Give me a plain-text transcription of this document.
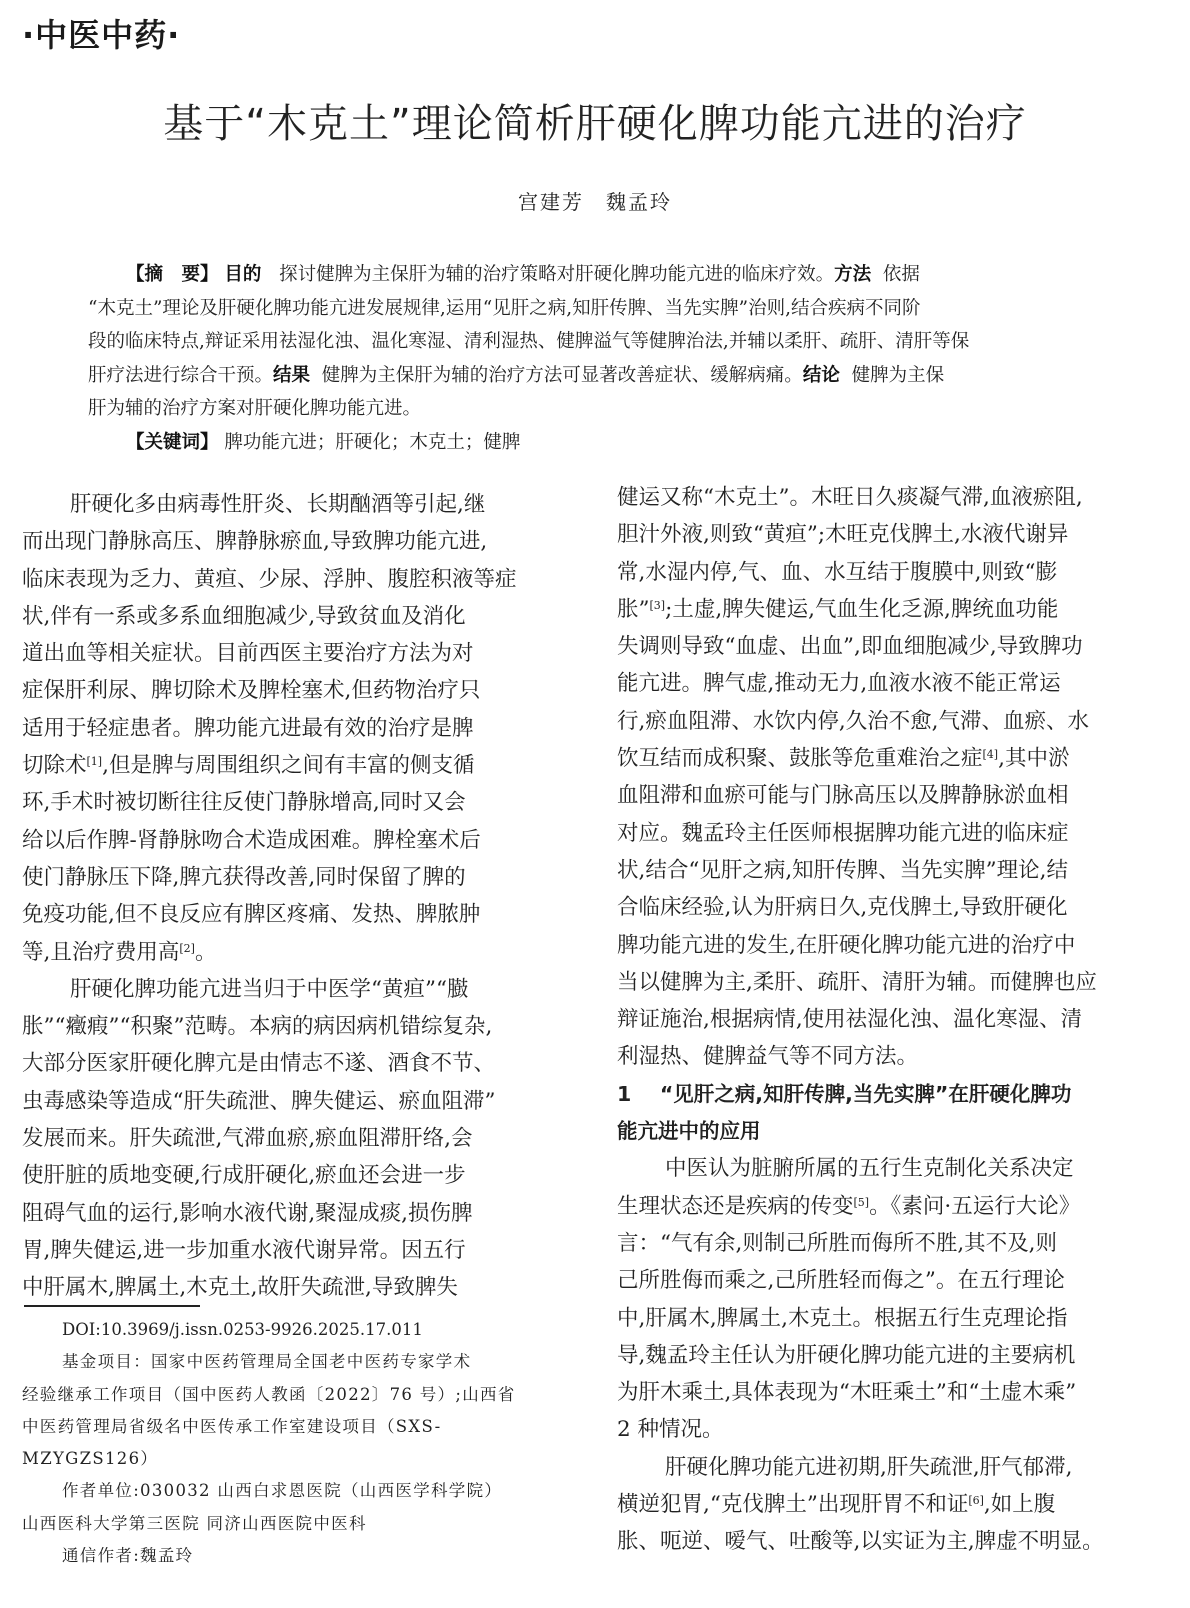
·中医中药·
基于“木克土”理论简析肝硬化脾功能亢进的治疗
宫建芳　魏孟玲
【摘　要】 目的 探讨健脾为主保肝为辅的治疗策略对肝硬化脾功能亢进的临床疗效。方法 依据
“木克土”理论及肝硬化脾功能亢进发展规律,运用“见肝之病,知肝传脾、当先实脾”治则,结合疾病不同阶
段的临床特点,辩证采用祛湿化浊、温化寒湿、清利湿热、健脾溢气等健脾治法,并辅以柔肝、疏肝、清肝等保
肝疗法进行综合干预。结果 健脾为主保肝为辅的治疗方法可显著改善症状、缓解病痛。结论 健脾为主保
肝为辅的治疗方案对肝硬化脾功能亢进。
【关键词】 脾功能亢进；肝硬化；木克土；健脾
肝硬化多由病毒性肝炎、长期酗酒等引起,继
而出现门静脉高压、脾静脉瘀血,导致脾功能亢进,
临床表现为乏力、黄疸、少尿、浮肿、腹腔积液等症
状,伴有一系或多系血细胞减少,导致贫血及消化
道出血等相关症状。目前西医主要治疗方法为对
症保肝利尿、脾切除术及脾栓塞术,但药物治疗只
适用于轻症患者。脾功能亢进最有效的治疗是脾
切除术[1],但是脾与周围组织之间有丰富的侧支循
环,手术时被切断往往反使门静脉增高,同时又会
给以后作脾-肾静脉吻合术造成困难。脾栓塞术后
使门静脉压下降,脾亢获得改善,同时保留了脾的
免疫功能,但不良反应有脾区疼痛、发热、脾脓肿
等,且治疗费用高[2]。
肝硬化脾功能亢进当归于中医学“黄疸”“臌
胀”“癥瘕”“积聚”范畴。本病的病因病机错综复杂,
大部分医家肝硬化脾亢是由情志不遂、酒食不节、
虫毒感染等造成“肝失疏泄、脾失健运、瘀血阻滞”
发展而来。肝失疏泄,气滞血瘀,瘀血阻滞肝络,会
使肝脏的质地变硬,行成肝硬化,瘀血还会进一步
阻碍气血的运行,影响水液代谢,聚湿成痰,损伤脾
胃,脾失健运,进一步加重水液代谢异常。因五行
中肝属木,脾属土,木克土,故肝失疏泄,导致脾失
DOI:10.3969/j.issn.0253-9926.2025.17.011
基金项目：国家中医药管理局全国老中医药专家学术
经验继承工作项目（国中医药人教函〔2022〕76 号）;山西省
中医药管理局省级名中医传承工作室建设项目（SXS-
MZYGZS126）
作者单位:030032 山西白求恩医院（山西医学科学院）
山西医科大学第三医院 同济山西医院中医科
通信作者:魏孟玲
健运又称“木克土”。木旺日久痰凝气滞,血液瘀阻,
胆汁外液,则致“黄疸”;木旺克伐脾土,水液代谢异
常,水湿内停,气、血、水互结于腹膜中,则致“膨
胀”[3];土虚,脾失健运,气血生化乏源,脾统血功能
失调则导致“血虚、出血”,即血细胞减少,导致脾功
能亢进。脾气虚,推动无力,血液水液不能正常运
行,瘀血阻滞、水饮内停,久治不愈,气滞、血瘀、水
饮互结而成积聚、鼓胀等危重难治之症[4],其中淤
血阻滞和血瘀可能与门脉高压以及脾静脉淤血相
对应。魏孟玲主任医师根据脾功能亢进的临床症
状,结合“见肝之病,知肝传脾、当先实脾”理论,结
合临床经验,认为肝病日久,克伐脾土,导致肝硬化
脾功能亢进的发生,在肝硬化脾功能亢进的治疗中
当以健脾为主,柔肝、疏肝、清肝为辅。而健脾也应
辩证施治,根据病情,使用祛湿化浊、温化寒湿、清
利湿热、健脾益气等不同方法。
1 “见肝之病,知肝传脾,当先实脾”在肝硬化脾功
能亢进中的应用
中医认为脏腑所属的五行生克制化关系决定
生理状态还是疾病的传变[5]。《素问·五运行大论》
言：“气有余,则制己所胜而侮所不胜,其不及,则
己所胜侮而乘之,己所胜轻而侮之”。在五行理论
中,肝属木,脾属土,木克土。根据五行生克理论指
导,魏孟玲主任认为肝硬化脾功能亢进的主要病机
为肝木乘土,具体表现为“木旺乘土”和“土虚木乘”
2 种情况。
肝硬化脾功能亢进初期,肝失疏泄,肝气郁滞,
横逆犯胃,“克伐脾土”出现肝胃不和证[6],如上腹
胀、呃逆、嗳气、吐酸等,以实证为主,脾虚不明显。
